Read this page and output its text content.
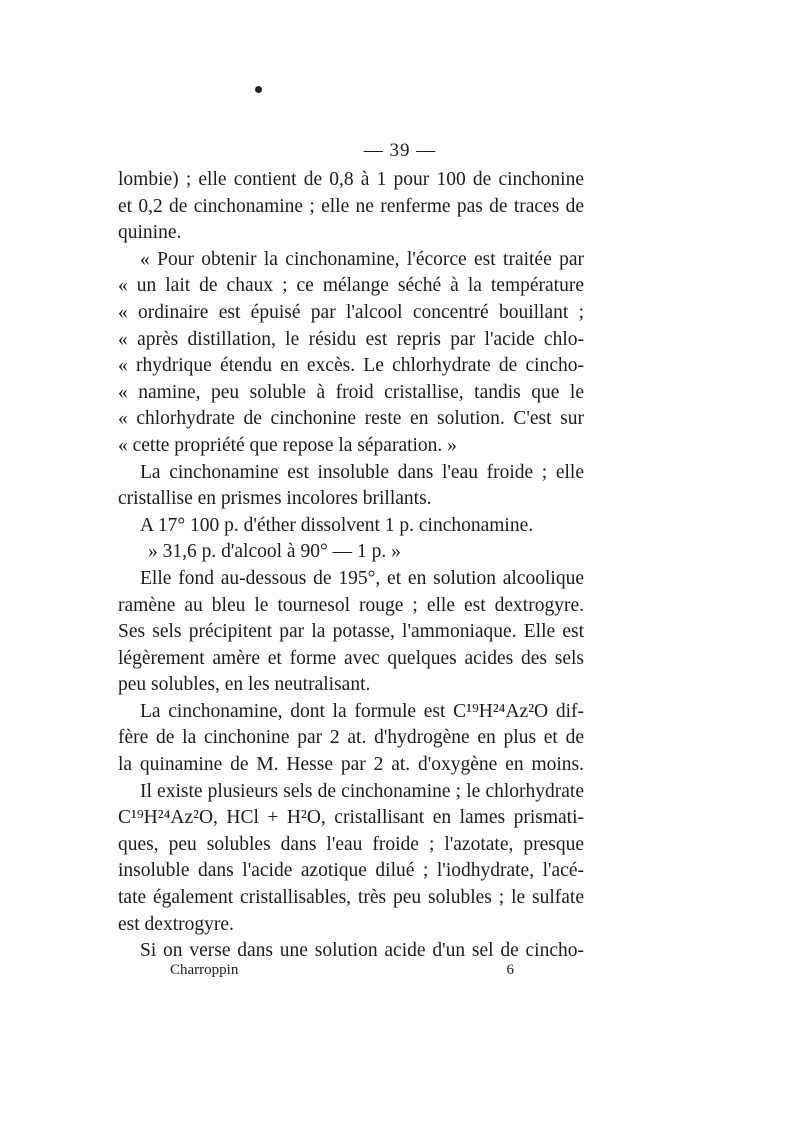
— 39 —
lombie) ; elle contient de 0,8 à 1 pour 100 de cinchonine
et 0,2 de cinchonamine ; elle ne renferme pas de traces de
quinine.
« Pour obtenir la cinchonamine, l'écorce est traitée par
« un lait de chaux ; ce mélange séché à la température
« ordinaire est épuisé par l'alcool concentré bouillant ;
« après distillation, le résidu est repris par l'acide chlo-
« rhydrique étendu en excès. Le chlorhydrate de cincho-
« namine, peu soluble à froid cristallise, tandis que le
« chlorhydrate de cinchonine reste en solution. C'est sur
« cette propriété que repose la séparation. »
La cinchonamine est insoluble dans l'eau froide ; elle
cristallise en prismes incolores brillants.
A 17° 100 p. d'éther dissolvent 1 p. cinchonamine.
» 31,6 p. d'alcool à 90° — 1 p. »
Elle fond au-dessous de 195°, et en solution alcoolique
ramène au bleu le tournesol rouge ; elle est dextrogyre.
Ses sels précipitent par la potasse, l'ammoniaque. Elle est
légèrement amère et forme avec quelques acides des sels
peu solubles, en les neutralisant.
La cinchonamine, dont la formule est C¹⁹H²⁴Az²O dif-
fère de la cinchonine par 2 at. d'hydrogène en plus et de
la quinamine de M. Hesse par 2 at. d'oxygène en moins.
Il existe plusieurs sels de cinchonamine ; le chlorhydrate
C¹⁹H²⁴Az²O, HCl + H²O, cristallisant en lames prismati-
ques, peu solubles dans l'eau froide ; l'azotate, presque
insoluble dans l'acide azotique dilué ; l'iodhydrate, l'acé-
tate également cristallisables, très peu solubles ; le sulfate
est dextrogyre.
Si on verse dans une solution acide d'un sel de cincho-
Charroppin	6
